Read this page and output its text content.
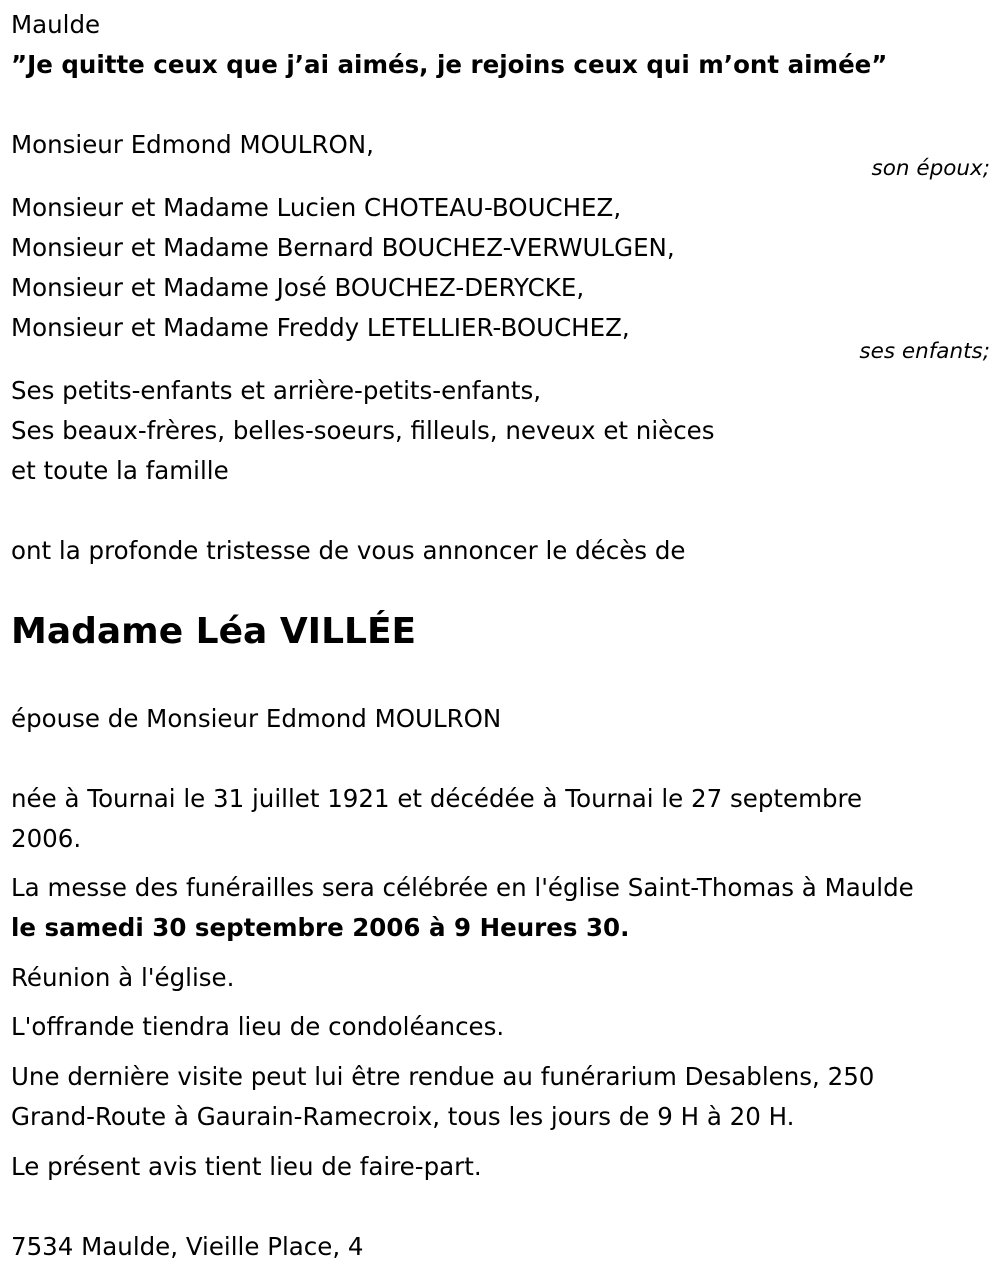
Maulde
”Je quitte ceux que j’ai aimés, je rejoins ceux qui m’ont aimée”
Monsieur Edmond MOULRON,
son époux;
Monsieur et Madame Lucien CHOTEAU-BOUCHEZ,
Monsieur et Madame Bernard BOUCHEZ-VERWULGEN,
Monsieur et Madame José BOUCHEZ-DERYCKE,
Monsieur et Madame Freddy LETELLIER-BOUCHEZ,
ses enfants;
Ses petits-enfants et arrière-petits-enfants,
Ses beaux-frères, belles-soeurs, filleuls, neveux et nièces
et toute la famille
ont la profonde tristesse de vous annoncer le décès de
Madame Léa VILLÉE
épouse de Monsieur Edmond MOULRON
née à Tournai le 31 juillet 1921 et décédée à Tournai le 27 septembre
2006.
La messe des funérailles sera célébrée en l'église Saint-Thomas à Maulde
le samedi 30 septembre 2006 à 9 Heures 30.
Réunion à l'église.
L'offrande tiendra lieu de condoléances.
Une dernière visite peut lui être rendue au funérarium Desablens, 250
Grand-Route à Gaurain-Ramecroix, tous les jours de 9 H à 20 H.
Le présent avis tient lieu de faire-part.
7534 Maulde, Vieille Place, 4
